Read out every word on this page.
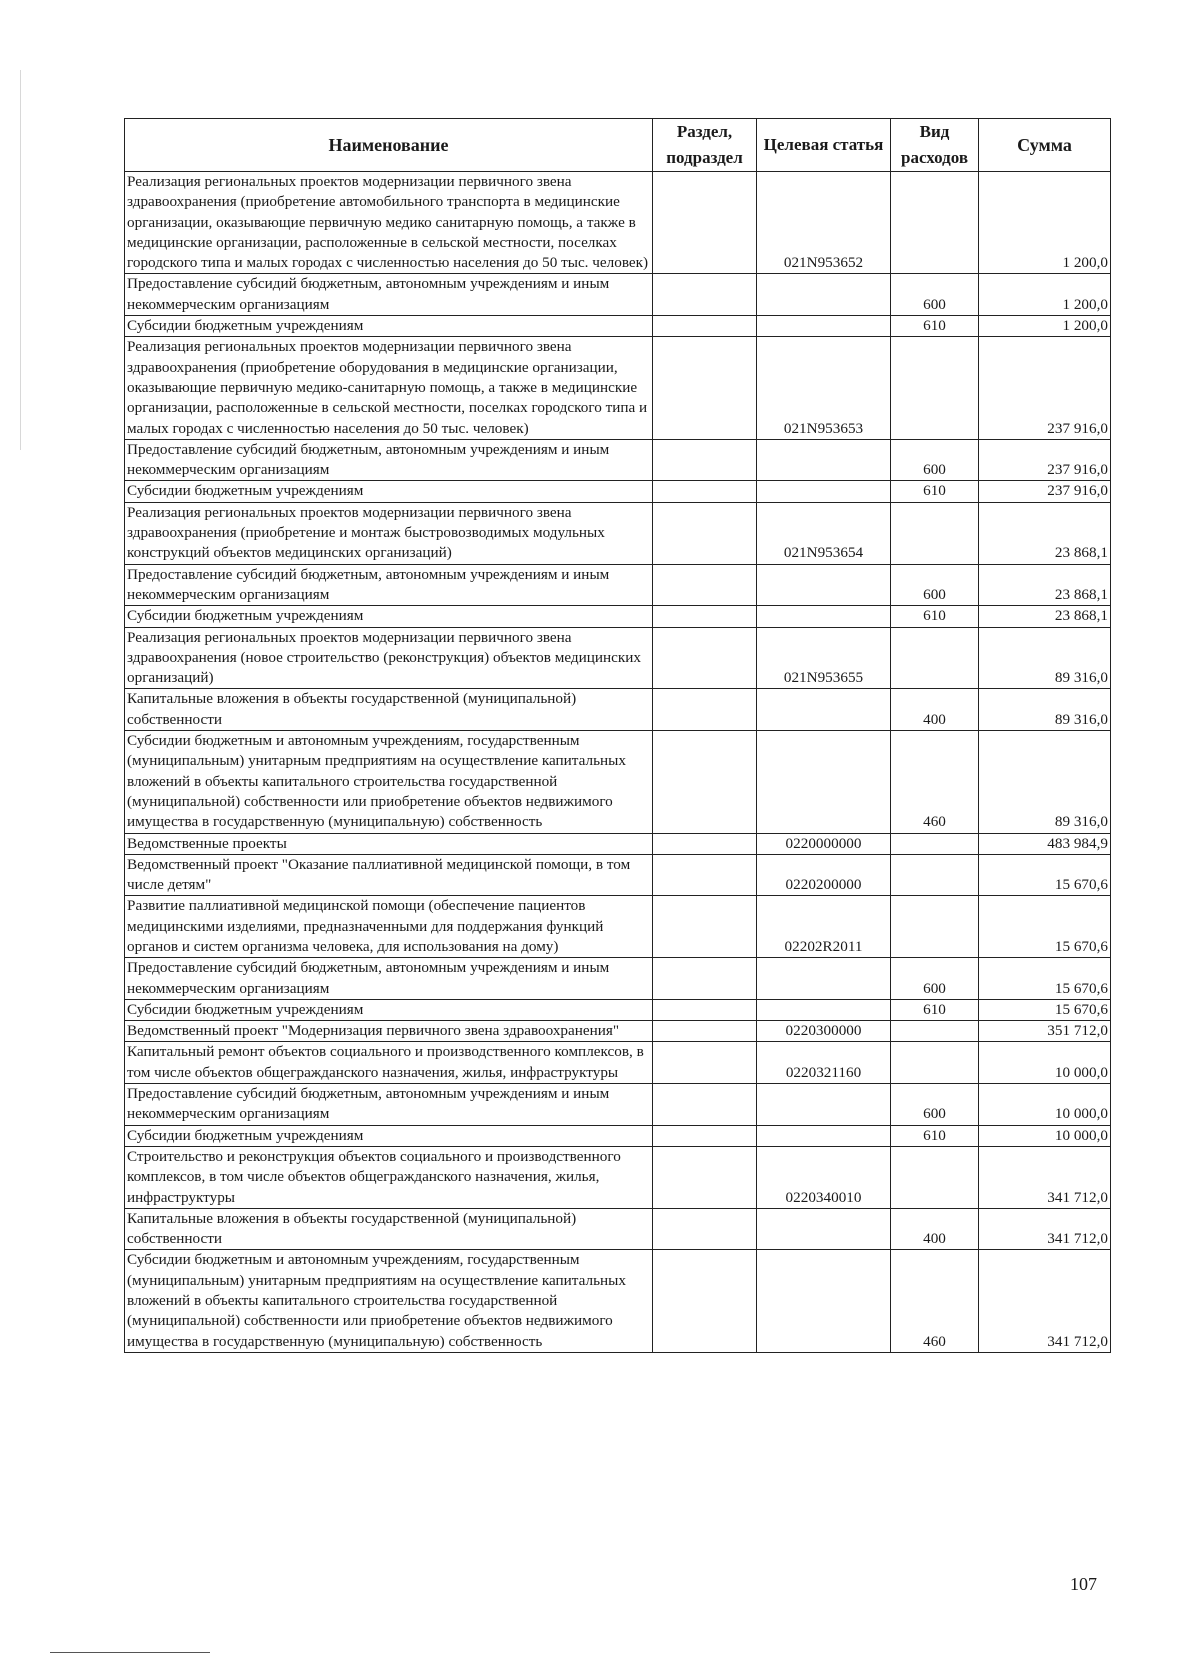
Наименование	Раздел, подраздел	Целевая статья	Вид расходов	Сумма
Реализация региональных проектов модернизации первичного звена здравоохранения (приобретение автомобильного транспорта в медицинские организации, оказывающие первичную медико санитарную помощь, а также в медицинские организации, расположенные в сельской местности, поселках городского типа и малых городах с численностью населения до 50 тыс. человек)		021N953652		1 200,0
Предоставление субсидий бюджетным, автономным учреждениям и иным некоммерческим организациям			600	1 200,0
Субсидии бюджетным учреждениям			610	1 200,0
Реализация региональных проектов модернизации первичного звена здравоохранения (приобретение оборудования в медицинские организации, оказывающие первичную медико-санитарную помощь, а также в медицинские организации, расположенные в сельской местности, поселках городского типа и малых городах с численностью населения до 50 тыс. человек)		021N953653		237 916,0
Предоставление субсидий бюджетным, автономным учреждениям и иным некоммерческим организациям			600	237 916,0
Субсидии бюджетным учреждениям			610	237 916,0
Реализация региональных проектов модернизации первичного звена здравоохранения (приобретение и монтаж быстровозводимых модульных конструкций объектов медицинских организаций)		021N953654		23 868,1
Предоставление субсидий бюджетным, автономным учреждениям и иным некоммерческим организациям			600	23 868,1
Субсидии бюджетным учреждениям			610	23 868,1
Реализация региональных проектов модернизации первичного звена здравоохранения (новое строительство (реконструкция) объектов медицинских организаций)		021N953655		89 316,0
Капитальные вложения в объекты государственной (муниципальной) собственности			400	89 316,0
Субсидии бюджетным и автономным учреждениям, государственным (муниципальным) унитарным предприятиям на осуществление капитальных вложений в объекты капитального строительства государственной (муниципальной) собственности или приобретение объектов недвижимого имущества в государственную (муниципальную) собственность			460	89 316,0
Ведомственные проекты		0220000000		483 984,9
Ведомственный проект "Оказание паллиативной медицинской помощи, в том числе детям"		0220200000		15 670,6
Развитие паллиативной медицинской помощи (обеспечение пациентов медицинскими изделиями, предназначенными для поддержания функций органов и систем организма человека, для использования на дому)		02202R2011		15 670,6
Предоставление субсидий бюджетным, автономным учреждениям и иным некоммерческим организациям			600	15 670,6
Субсидии бюджетным учреждениям			610	15 670,6
Ведомственный проект "Модернизация первичного звена здравоохранения"		0220300000		351 712,0
Капитальный ремонт объектов социального и производственного комплексов, в том числе объектов общегражданского назначения, жилья, инфраструктуры		0220321160		10 000,0
Предоставление субсидий бюджетным, автономным учреждениям и иным некоммерческим организациям			600	10 000,0
Субсидии бюджетным учреждениям			610	10 000,0
Строительство и реконструкция объектов социального и производственного комплексов, в том числе объектов общегражданского назначения, жилья, инфраструктуры		0220340010		341 712,0
Капитальные вложения в объекты государственной (муниципальной) собственности			400	341 712,0
Субсидии бюджетным и автономным учреждениям, государственным (муниципальным) унитарным предприятиям на осуществление капитальных вложений в объекты капитального строительства государственной (муниципальной) собственности или приобретение объектов недвижимого имущества в государственную (муниципальную) собственность			460	341 712,0
107
